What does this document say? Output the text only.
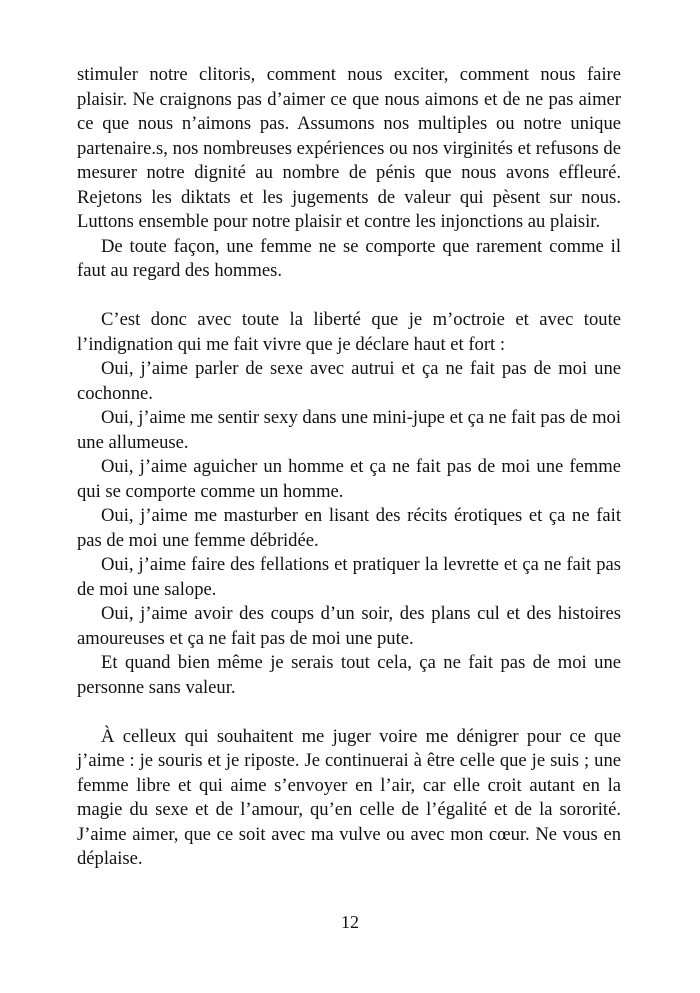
stimuler notre clitoris, comment nous exciter, comment nous faire plaisir. Ne craignons pas d’aimer ce que nous aimons et de ne pas aimer ce que nous n’aimons pas. Assumons nos multiples ou notre unique partenaire.s, nos nombreuses expériences ou nos virginités et refusons de mesurer notre dignité au nombre de pénis que nous avons effleuré. Rejetons les diktats et les jugements de valeur qui pèsent sur nous. Luttons ensemble pour notre plaisir et contre les injonctions au plaisir.

De toute façon, une femme ne se comporte que rarement comme il faut au regard des hommes.

C’est donc avec toute la liberté que je m’octroie et avec toute l’indignation qui me fait vivre que je déclare haut et fort :

Oui, j’aime parler de sexe avec autrui et ça ne fait pas de moi une cochonne.

Oui, j’aime me sentir sexy dans une mini-jupe et ça ne fait pas de moi une allumeuse.

Oui, j’aime aguicher un homme et ça ne fait pas de moi une femme qui se comporte comme un homme.

Oui, j’aime me masturber en lisant des récits érotiques et ça ne fait pas de moi une femme débridée.

Oui, j’aime faire des fellations et pratiquer la levrette et ça ne fait pas de moi une salope.

Oui, j’aime avoir des coups d’un soir, des plans cul et des histoires amoureuses et ça ne fait pas de moi une pute.

Et quand bien même je serais tout cela, ça ne fait pas de moi une personne sans valeur.

À celleux qui souhaitent me juger voire me dénigrer pour ce que j’aime : je souris et je riposte. Je continuerai à être celle que je suis ; une femme libre et qui aime s’envoyer en l’air, car elle croit autant en la magie du sexe et de l’amour, qu’en celle de l’égalité et de la sororité. J’aime aimer, que ce soit avec ma vulve ou avec mon cœur. Ne vous en déplaise.

12
